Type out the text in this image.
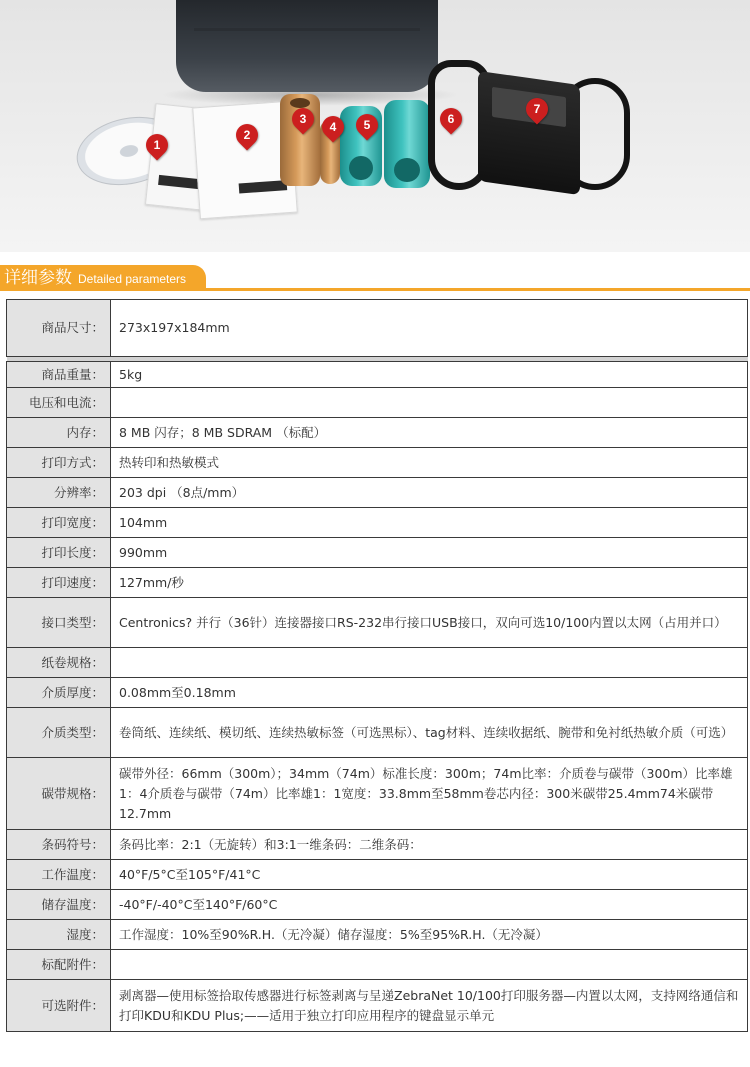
1
2
3
4	5	6
7
详细参数 Detailed parameters
商品尺寸：	273x197x184mm

商品重量：	5kg
电压和电流：	
内存：	8 MB 闪存；8 MB SDRAM （标配）
打印方式：	热转印和热敏模式
分辨率：	203 dpi （8点/mm）
打印宽度：	104mm
打印长度：	990mm
打印速度：	127mm/秒
接口类型：	Centronics? 并行（36针）连接器接口RS-232串行接口USB接口，双向可选10/100内置以太网（占用并口）
纸卷规格：	
介质厚度：	0.08mm至0.18mm
介质类型：	卷筒纸、连续纸、模切纸、连续热敏标签（可选黑标）、tag材料、连续收据纸、腕带和免衬纸热敏介质（可选）
碳带规格：	碳带外径：66mm（300m）；34mm（74m）标准长度：300m；74m比率：介质卷与碳带（300m）比率雄1：4介质卷与碳带（74m）比率雄1：1宽度：33.8mm至58mm卷芯内径：300米碳带25.4mm74米碳带 12.7mm
条码符号：	条码比率：2:1（无旋转）和3:1一维条码：二维条码：
工作温度：	40°F/5°C至105°F/41°C
储存温度：	-40°F/-40°C至140°F/60°C
湿度：	工作湿度：10%至90%R.H.（无冷凝）储存湿度：5%至95%R.H.（无冷凝）
标配附件：	
可选附件：	剥离器—使用标签拾取传感器进行标签剥离与呈递ZebraNet 10/100打印服务器—内置以太网，支持网络通信和打印KDU和KDU Plus;——适用于独立打印应用程序的键盘显示单元
